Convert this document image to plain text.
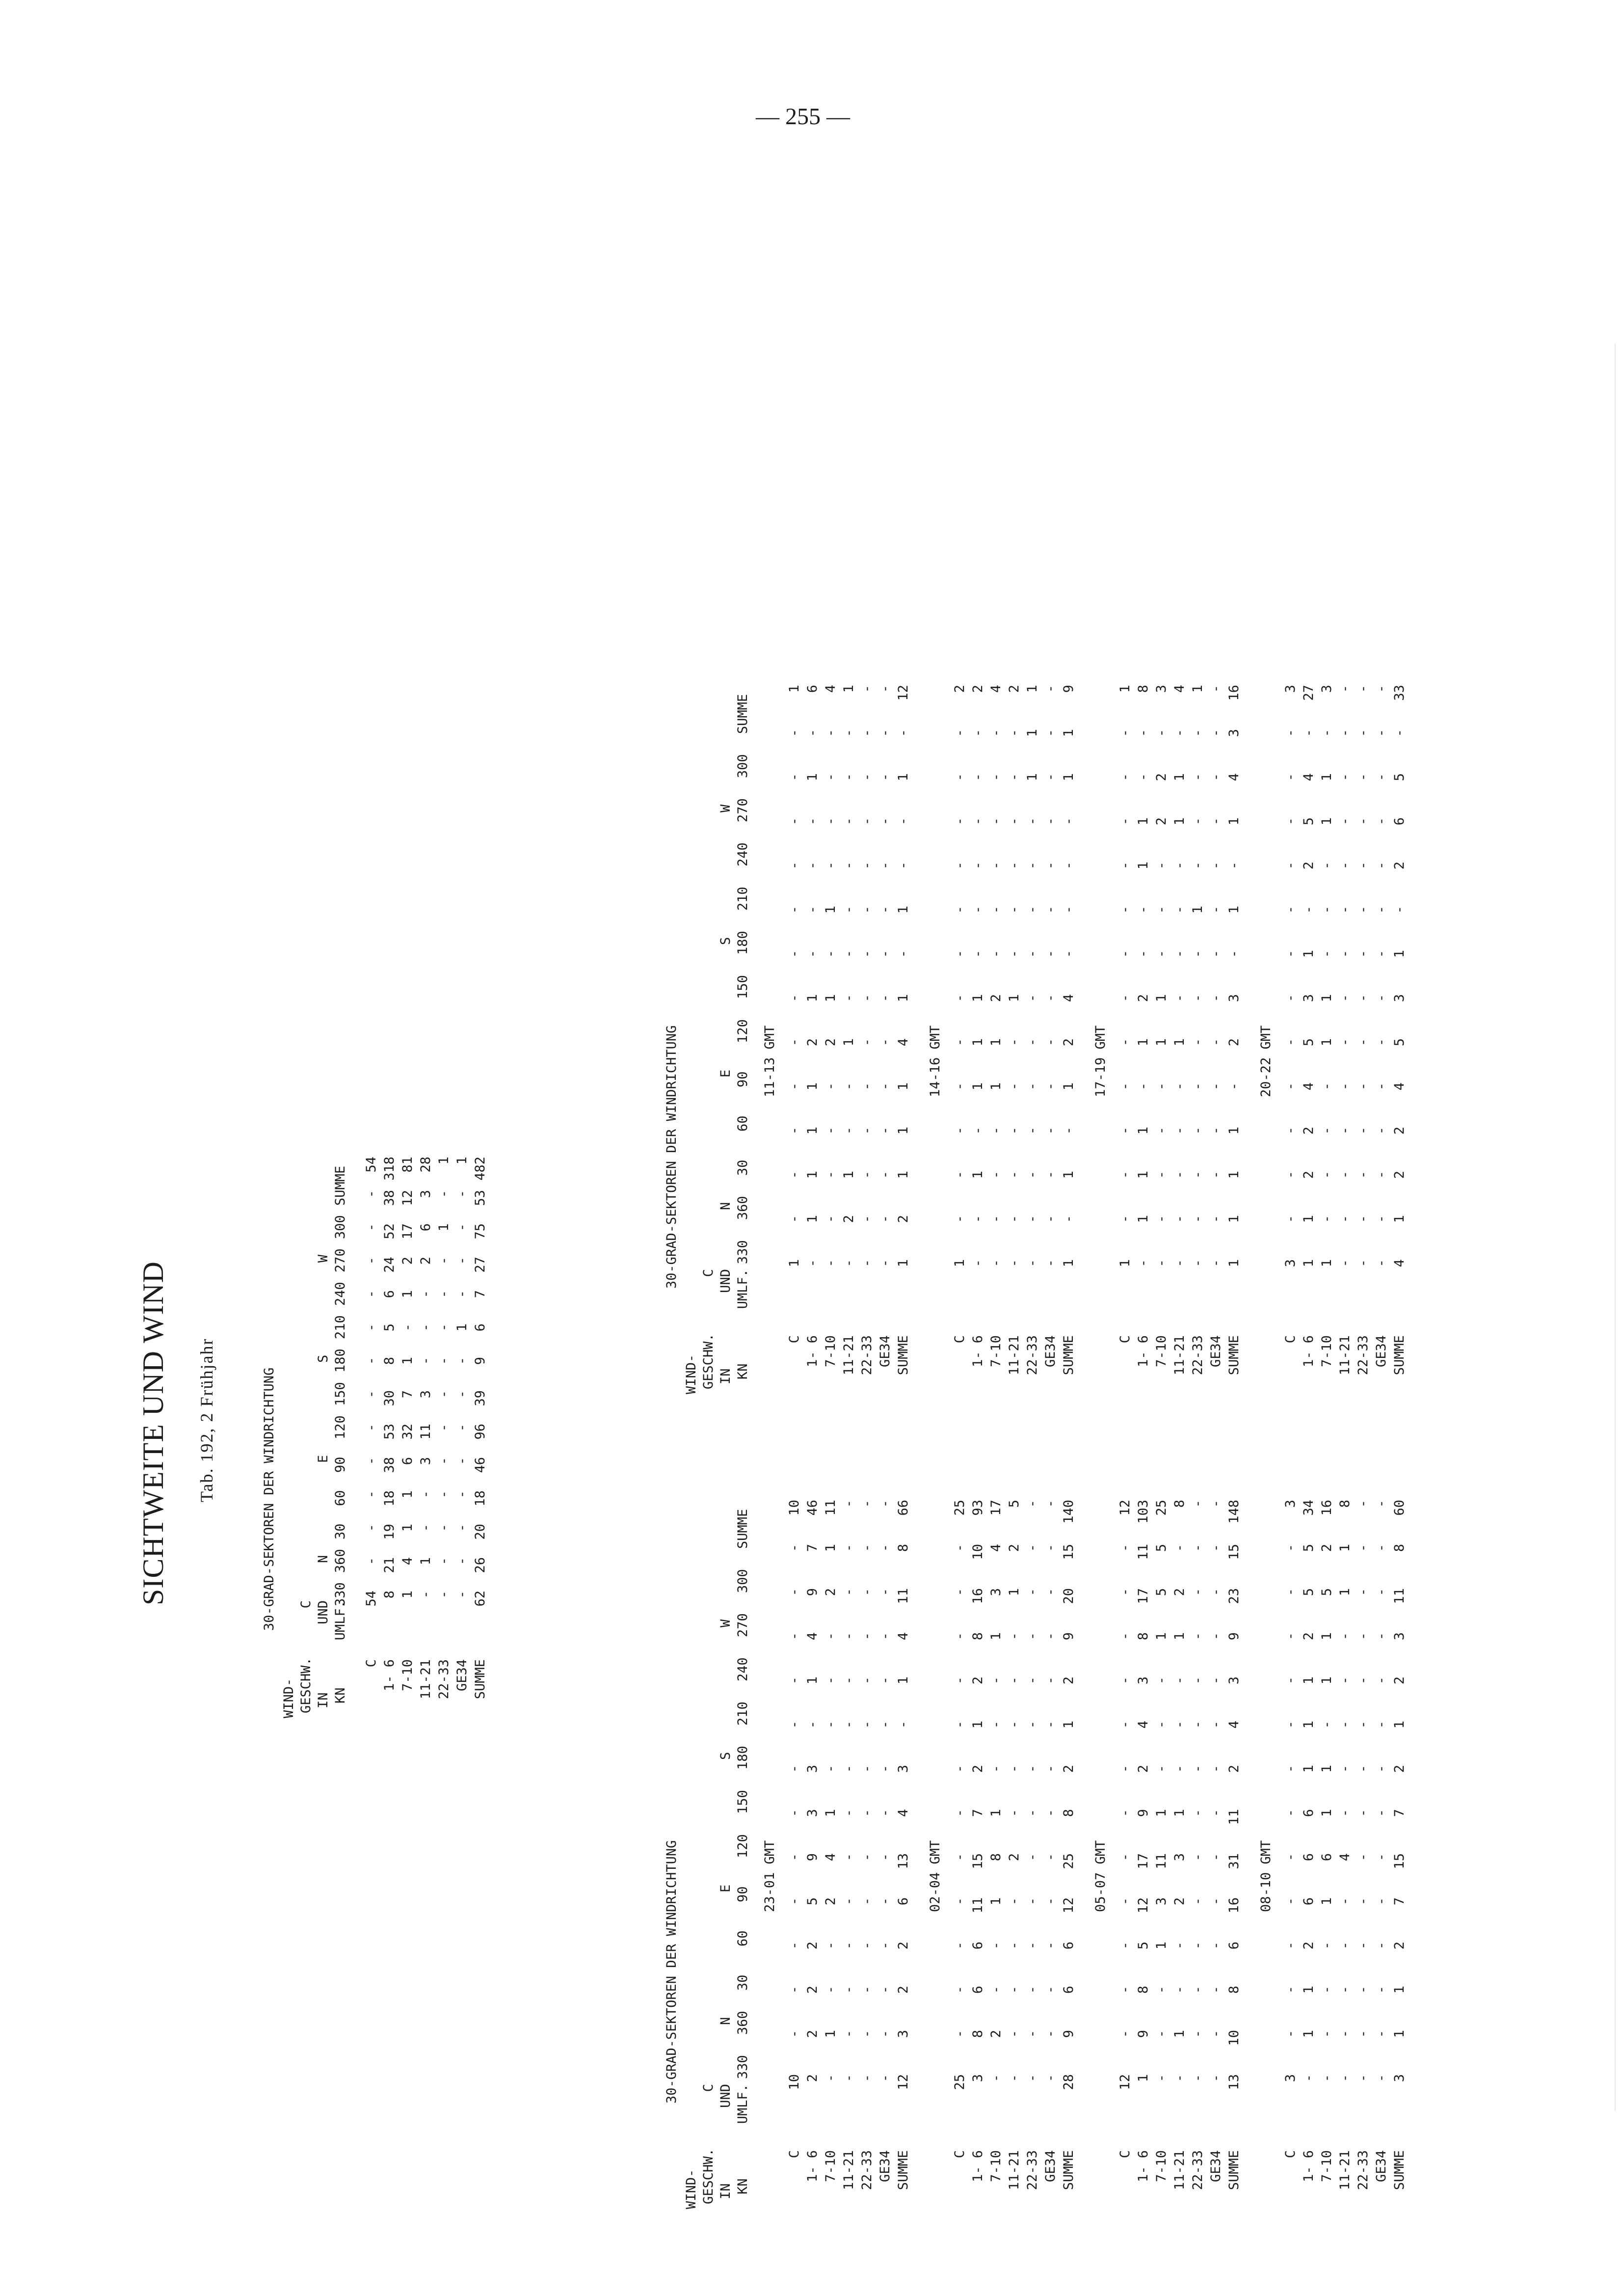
— 255 —
SICHTWEITE UND WIND Tab. 192, 2 Frühjahr	30-GRAD-SEKTOREN DER WINDRICHTUNG
WIND- GESCHW. IN KN
C UND UMLF.
N
E
S
W
330
360
30
60
90
120
150
180
210
240
270
300
SUMME
C
54
-
-
-
-
-
-
-
-
-
-
-
-
54
1- 6
8
21
19
18
38
53
30
8
5
6
24
52
38
318
7-10
1
4
1
1
6
32
7
1
-
1
2
17
12
81
11-21
-
1
-
-
3
11
3
-
-
-
2
6
3
28
22-33
-
-
-
-
-
-
-
-
-
-
-
1
-
1
GE34
-
-
-
-
-
-
-
-
1
-
-
-
-
1
SUMME
62
26
20
18
46
96
39
9
6
7
27
75
53
482
30-GRAD-SEKTOREN DER WINDRICHTUNG
WIND- GESCHW. IN KN
C UND UMLF.
N
E
S
W
330
360
30
60
90
120
150
180
210
240
270
300
SUMME
23-01 GMT
C
10
-
-
-
-
-
-
-
-
-
-
-
-
10
1- 6
2
2
2
2
5
9
3
3
-
1
4
9
7
46
7-10
-
1
-
-
2
4
1
-
-
-
-
2
1
11
11-21
-
-
-
-
-
-
-
-
-
-
-
-
-
-
22-33
-
-
-
-
-
-
-
-
-
-
-
-
-
-
GE34
-
-
-
-
-
-
-
-
-
-
-
-
-
-
SUMME
12
3
2
2
6
13
4
3
-
1
4
11
8
66
02-04 GMT
C
25
-
-
-
-
-
-
-
-
-
-
-
-
25
1- 6
3
8
6
6
11
15
7
2
1
2
8
16
10
93
7-10
-
2
-
-
1
8
1
-
-
-
1
3
4
17
11-21
-
-
-
-
-
2
-
-
-
-
-
1
2
5
22-33
-
-
-
-
-
-
-
-
-
-
-
-
-
-
GE34
-
-
-
-
-
-
-
-
-
-
-
-
-
-
SUMME
28
9
6
6
12
25
8
2
1
2
9
20
15
140
05-07 GMT
C
12
-
-
-
-
-
-
-
-
-
-
-
-
12
1- 6
1
9
8
5
12
17
9
2
4
3
8
17
11
103
7-10
-
-
-
1
3
11
1
-
-
-
1
5
5
25
11-21
-
1
-
-
2
3
1
-
-
-
1
2
-
8
22-33
-
-
-
-
-
-
-
-
-
-
-
-
-
-
GE34
-
-
-
-
-
-
-
-
-
-
-
-
-
-
SUMME
13
10
8
6
16
31
11
2
4
3
9
23
15
148
08-10 GMT
C
3
-
-
-
-
-
-
-
-
-
-
-
-
3
1- 6
-
1
1
2
6
6
6
1
1
1
2
5
5
34
7-10
-
-
-
-
1
6
1
1
-
1
1
5
2
16
11-21
-
-
-
-
-
4
-
-
-
-
-
1
1
8
22-33
-
-
-
-
-
-
-
-
-
-
-
-
-
-
GE34
-
-
-
-
-
-
-
-
-
-
-
-
-
-
SUMME
3
1
1
2
7
15
7
2
1
2
3
11
8
60
30-GRAD-SEKTOREN DER WINDRICHTUNG
WIND- GESCHW. IN KN
C UND UMLF.
N
E
S
W
330
360
30
60
90
120
150
180
210
240
270
300
SUMME
11-13 GMT
C
1
-
-
-
-
-
-
-
-
-
-
-
-
1
1- 6
-
1
1
1
1
2
1
-
-
-
-
1
-
6
7-10
-
-
-
-
-
2
1
-
1
-
-
-
-
4
11-21
-
2
1
-
-
1
-
-
-
-
-
-
-
1
22-33
-
-
-
-
-
-
-
-
-
-
-
-
-
-
GE34
-
-
-
-
-
-
-
-
-
-
-
-
-
-
SUMME
1
2
1
1
1
4
1
-
1
-
-
1
-
12
14-16 GMT
C
1
-
-
-
-
-
-
-
-
-
-
-
-
2
1- 6
-
-
1
-
1
1
1
-
-
-
-
-
-
2
7-10
-
-
-
-
1
1
2
-
-
-
-
-
-
4
11-21
-
-
-
-
-
-
1
-
-
-
-
-
-
2
22-33
-
-
-
-
-
-
-
-
-
-
-
1
1
1
GE34
-
-
-
-
-
-
-
-
-
-
-
-
-
-
SUMME
1
-
1
-
1
2
4
-
-
-
-
1
1
9
17-19 GMT
C
1
-
-
-
-
-
-
-
-
-
-
-
-
1
1- 6
-
1
1
1
-
1
2
-
-
1
1
-
-
8
7-10
-
-
-
-
-
1
1
-
-
-
2
2
-
3
11-21
-
-
-
-
-
1
-
-
-
-
1
1
-
4
22-33
-
-
-
-
-
-
-
-
1
-
-
-
-
1
GE34
-
-
-
-
-
-
-
-
-
-
-
-
-
-
SUMME
1
1
1
1
-
2
3
-
1
-
1
4
3
16
20-22 GMT
C
3
-
-
-
-
-
-
-
-
-
-
-
-
3
1- 6
1
1
2
2
4
5
3
1
-
2
5
4
-
27
7-10
1
-
-
-
-
1
1
-
-
-
1
1
-
3
11-21
-
-
-
-
-
-
-
-
-
-
-
-
-
-
22-33
-
-
-
-
-
-
-
-
-
-
-
-
-
-
GE34
-
-
-
-
-
-
-
-
-
-
-
-
-
-
SUMME
4
1
2
2
4
5
3
1
-
2
6
5
-
33
